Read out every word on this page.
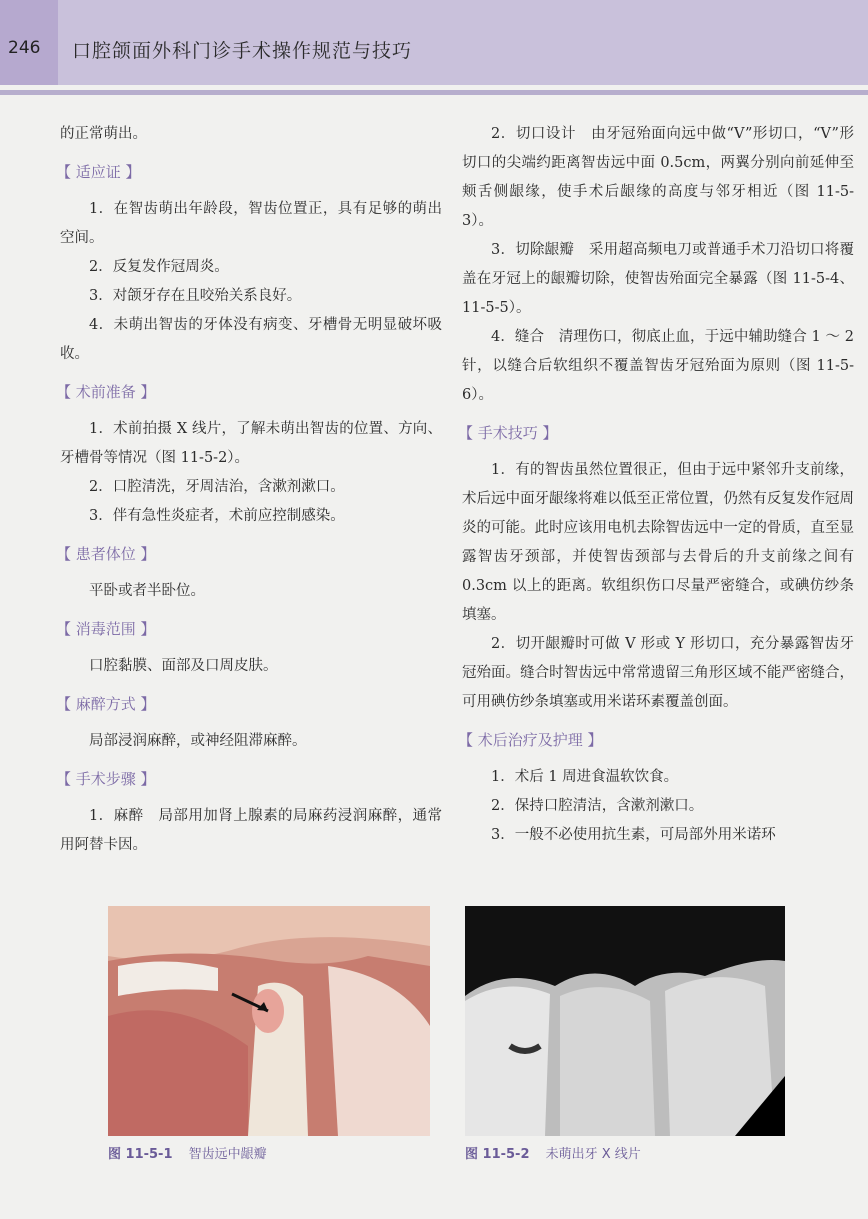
246 口腔颌面外科门诊手术操作规范与技巧

的正常萌出。

【 适应证 】

1．在智齿萌出年龄段，智齿位置正，具有足够的萌出空间。

2．反复发作冠周炎。

3．对颌牙存在且咬殆关系良好。

4．未萌出智齿的牙体没有病变、牙槽骨无明显破坏吸收。

【 术前准备 】

1．术前拍摄 X 线片，了解未萌出智齿的位置、方向、牙槽骨等情况（图 11-5-2）。

2．口腔清洗，牙周洁治，含漱剂漱口。

3．伴有急性炎症者，术前应控制感染。

【 患者体位 】

平卧或者半卧位。

【 消毒范围 】

口腔黏膜、面部及口周皮肤。

【 麻醉方式 】

局部浸润麻醉，或神经阻滞麻醉。

【 手术步骤 】

1．麻醉　局部用加肾上腺素的局麻药浸润麻醉，通常用阿替卡因。

2．切口设计　由牙冠殆面向远中做“V”形切口，“V”形切口的尖端约距离智齿远中面 0.5cm，两翼分别向前延伸至颊舌侧龈缘，使手术后龈缘的高度与邻牙相近（图 11-5-3）。

3．切除龈瓣　采用超高频电刀或普通手术刀沿切口将覆盖在牙冠上的龈瓣切除，使智齿殆面完全暴露（图 11-5-4、11-5-5）。

4．缝合　清理伤口，彻底止血，于远中辅助缝合 1 ～ 2 针，以缝合后软组织不覆盖智齿牙冠殆面为原则（图 11-5-6）。

【 手术技巧 】

1．有的智齿虽然位置很正，但由于远中紧邻升支前缘，术后远中面牙龈缘将难以低至正常位置，仍然有反复发作冠周炎的可能。此时应该用电机去除智齿远中一定的骨质，直至显露智齿牙颈部，并使智齿颈部与去骨后的升支前缘之间有 0.3cm 以上的距离。软组织伤口尽量严密缝合，或碘仿纱条填塞。

2．切开龈瓣时可做 V 形或 Y 形切口，充分暴露智齿牙冠殆面。缝合时智齿远中常常遗留三角形区域不能严密缝合，可用碘仿纱条填塞或用米诺环素覆盖创面。

【 术后治疗及护理 】

1．术后 1 周进食温软饮食。

2．保持口腔清洁，含漱剂漱口。

3．一般不必使用抗生素，可局部外用米诺环

图 11-5-1 智齿远中龈瓣	图 11-5-2 未萌出牙 X 线片
